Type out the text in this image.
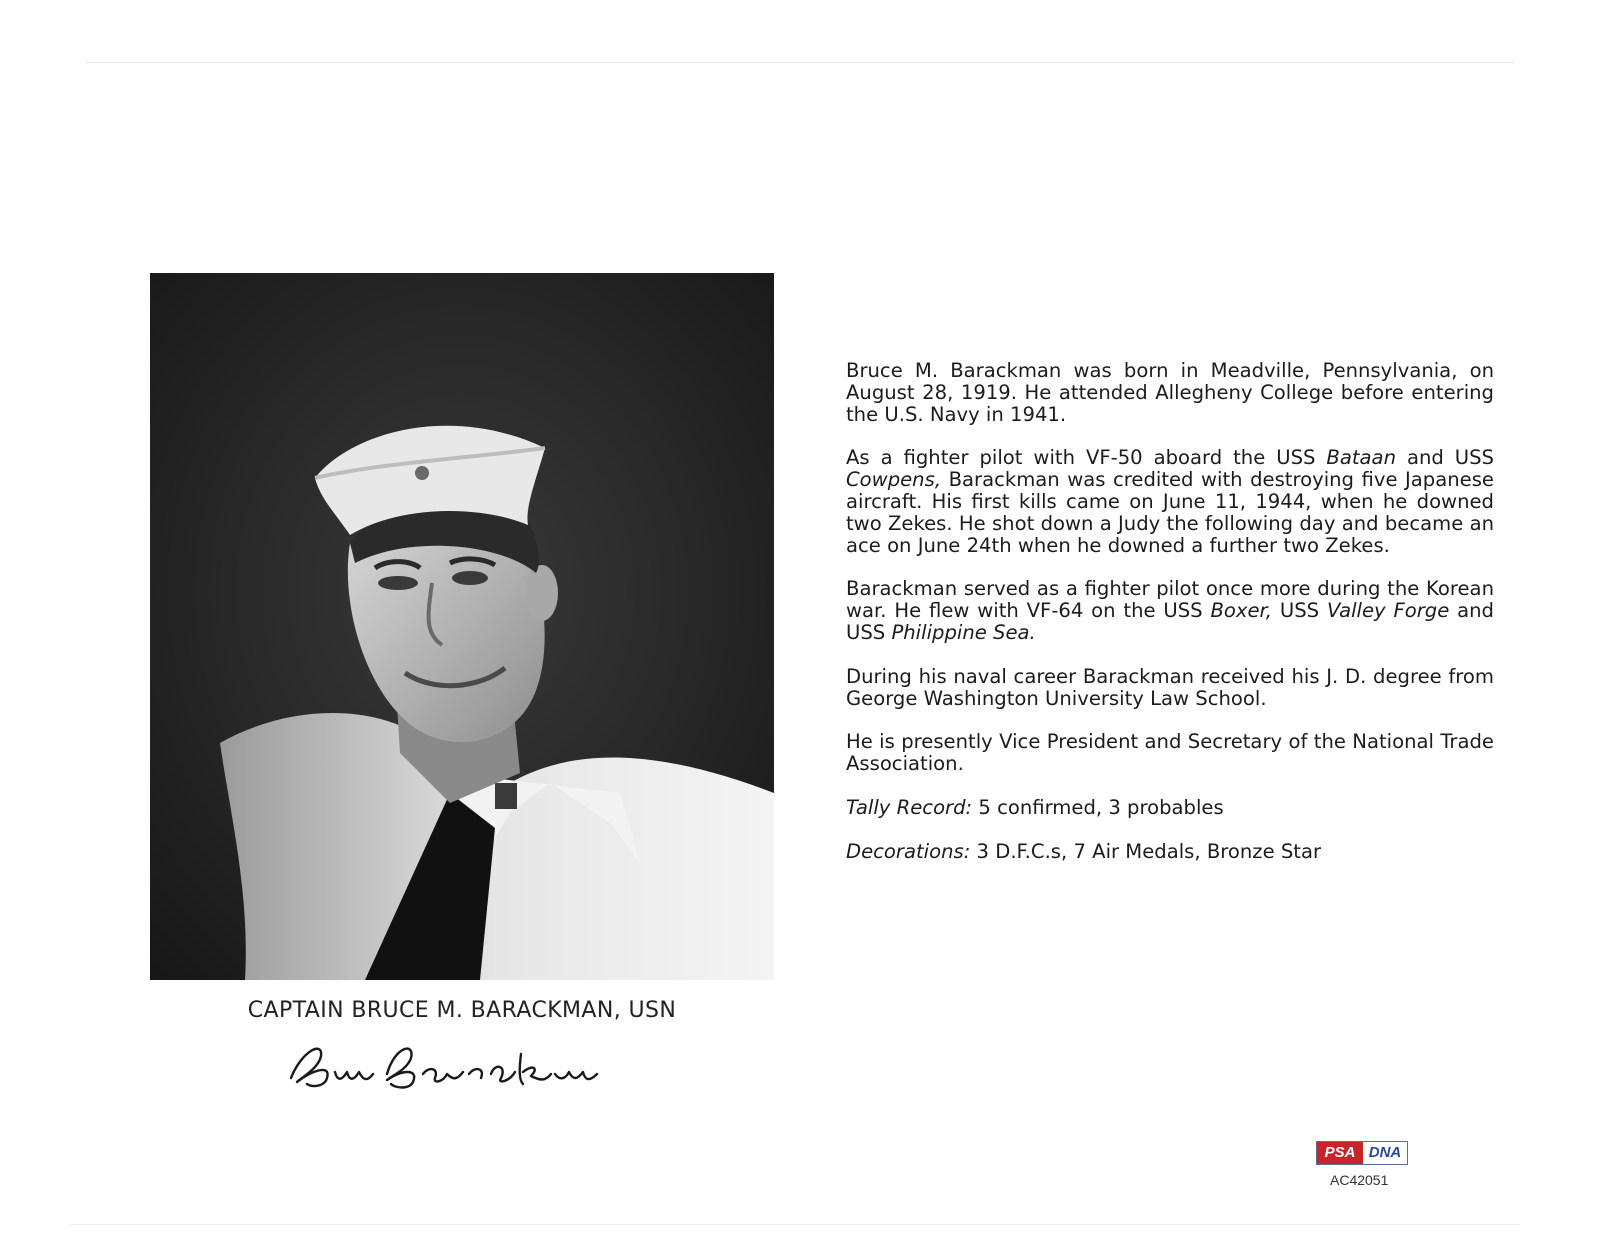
CAPTAIN BRUCE M. BARACKMAN, USN

Bruce M. Barackman was born in Meadville, Pennsylvania, on August 28, 1919. He attended Allegheny College before entering the U.S. Navy in 1941.

As a fighter pilot with VF-50 aboard the USS Bataan and USS Cowpens, Barackman was credited with destroying five Japanese aircraft. His first kills came on June 11, 1944, when he downed two Zekes. He shot down a Judy the following day and became an ace on June 24th when he downed a further two Zekes.

Barackman served as a fighter pilot once more during the Korean war. He flew with VF-64 on the USS Boxer, USS Valley Forge and USS Philippine Sea.

During his naval career Barackman received his J. D. degree from George Washington University Law School.

He is presently Vice President and Secretary of the National Trade Association.

Tally Record: 5 confirmed, 3 probables

Decorations: 3 D.F.C.s, 7 Air Medals, Bronze Star

PSA DNA
AC42051
